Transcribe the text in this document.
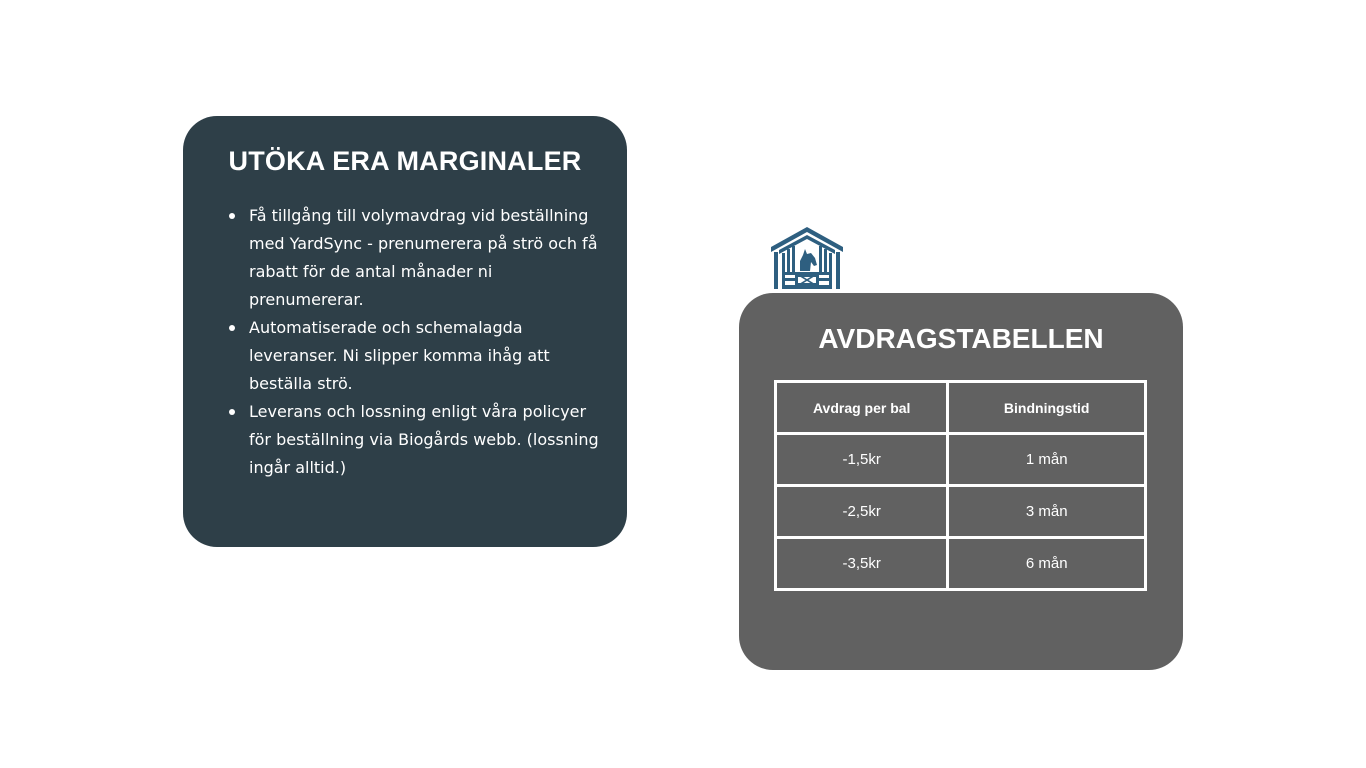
UTÖKA ERA MARGINALER
Få tillgång till volymavdrag vid beställning med YardSync - prenumerera på strö och få rabatt för de antal månader ni prenumererar.
Automatiserade och schemalagda leveranser. Ni slipper komma ihåg att beställa strö.
Leverans och lossning enligt våra policyer för beställning via Biogårds webb. (lossning ingår alltid.)
AVDRAGSTABELLEN
Avdrag per bal	Bindningstid
-1,5kr	1 mån
-2,5kr	3 mån
-3,5kr	6 mån
